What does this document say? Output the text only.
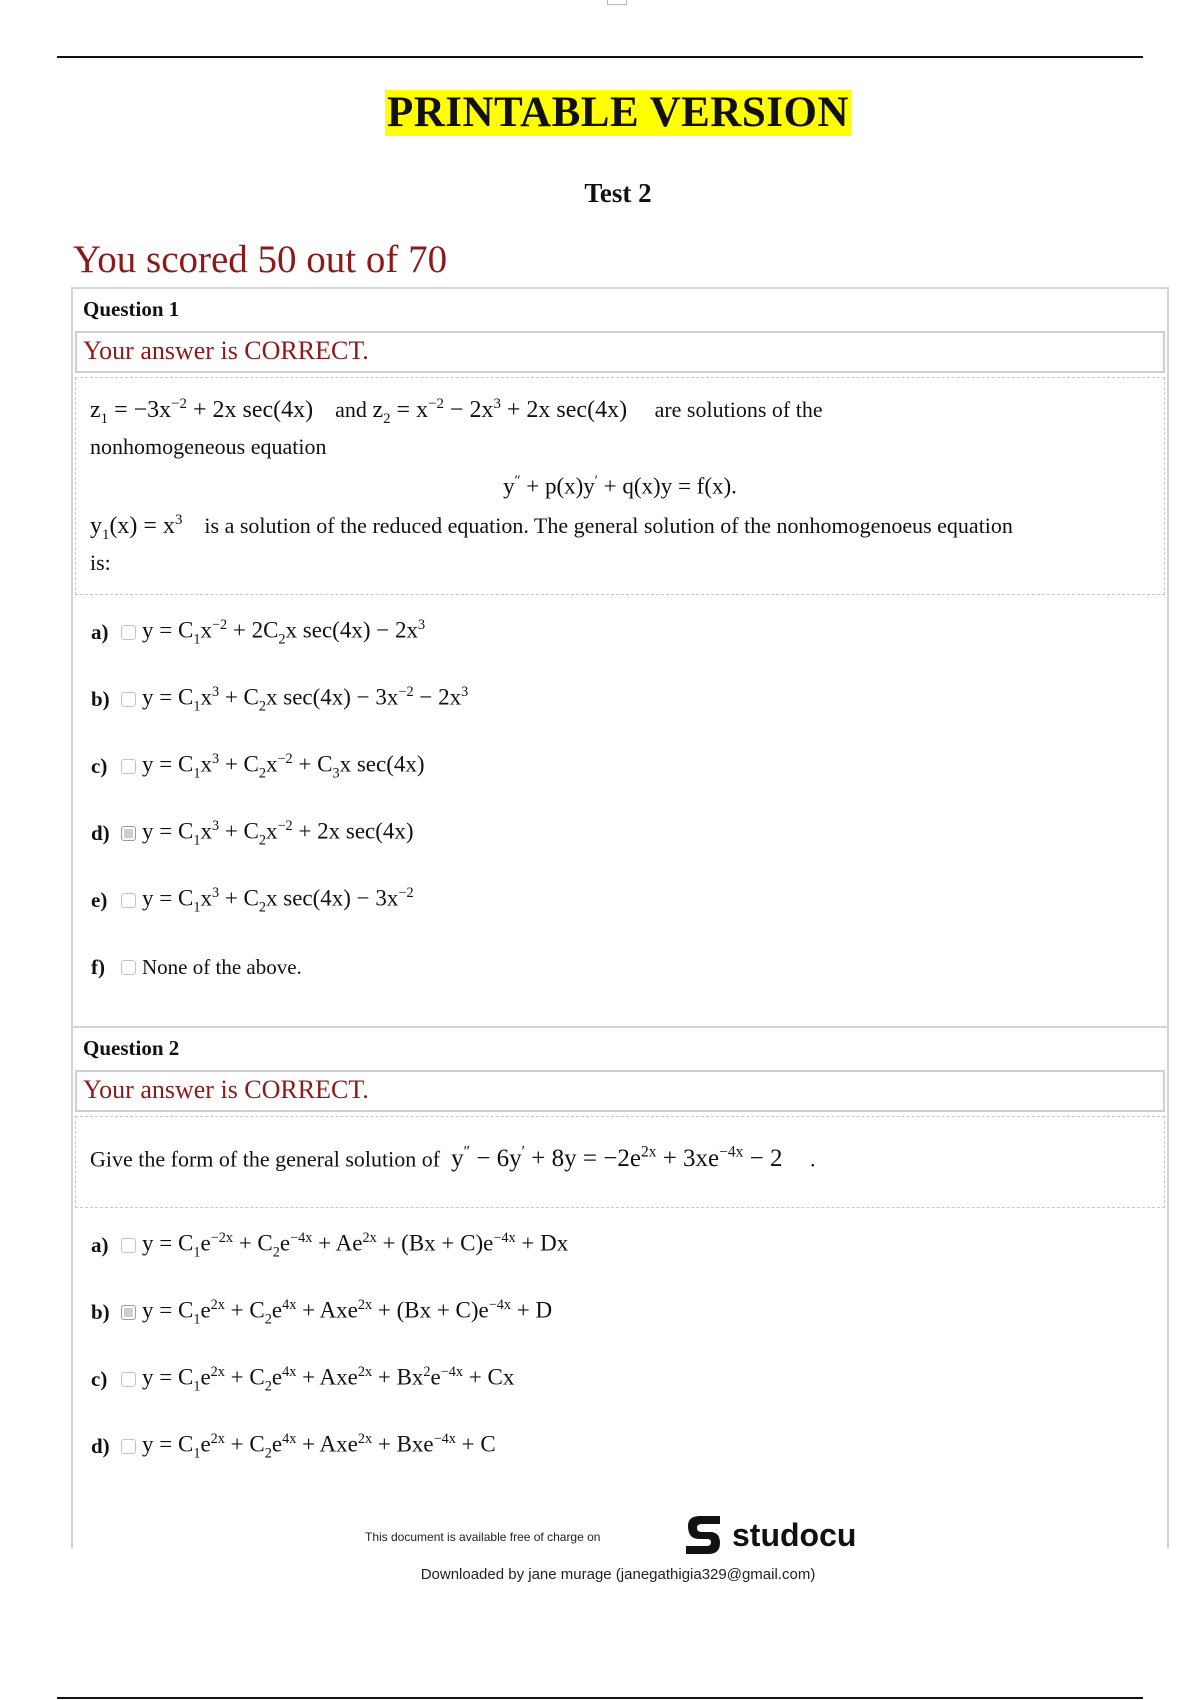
PRINTABLE VERSION
Test 2
You scored 50 out of 70
Question 1
Your answer is CORRECT.
$z_1 = -3x^{-2} + 2x$ sec(4x) and $z_2 = x^{-2} - 2x^3 + 2x$ sec(4x) are solutions of the
nonhomogeneous equation
y″ + p(x)y′ + q(x)y = f(x).
$y_1(x) = x^3$ is a solution of the reduced equation. The general solution of the nonhomogenoeus equation
is:
a)	$y = C_1x^{-2} + 2C_2x$ $\sec(4x) - 2x^3$
b)	$y = C_1x^3 + C_2x$ $\sec(4x) - 3x^{-2} - 2x^3$
c)	$y = C_1x^3 + C_2x^{-2} + C_3x$ sec(4x)
d)	$y = C_1x^3 + C_2x^{-2} + 2x$ sec(4x)
e)	$y = C_1x^3 + C_2x$ $\sec(4x) - 3x^{-2}$
f)	None of the above.
Question 2
Your answer is CORRECT.
Give the form of the general solution of $y'' - 6y' + 8y = -2e^{2x} + 3xe^{-4x} - 2$ .
a)	$y = C_1e^{-2x} + C_2e^{-4x} + Ae^{2x} + (Bx + C)e^{-4x} + Dx$
b)	$y = C_1e^{2x} + C_2e^{4x} + Axe^{2x} + (Bx + C)e^{-4x} + D$
c)	$y = C_1e^{2x} + C_2e^{4x} + Axe^{2x} + Bx^2e^{-4x} + Cx$
d)	$y = C_1e^{2x} + C_2e^{4x} + Axe^{2x} + Bxe^{-4x} + C$
This document is available free of charge on	studocu
Downloaded by jane murage (janegathigia329@gmail.com)
